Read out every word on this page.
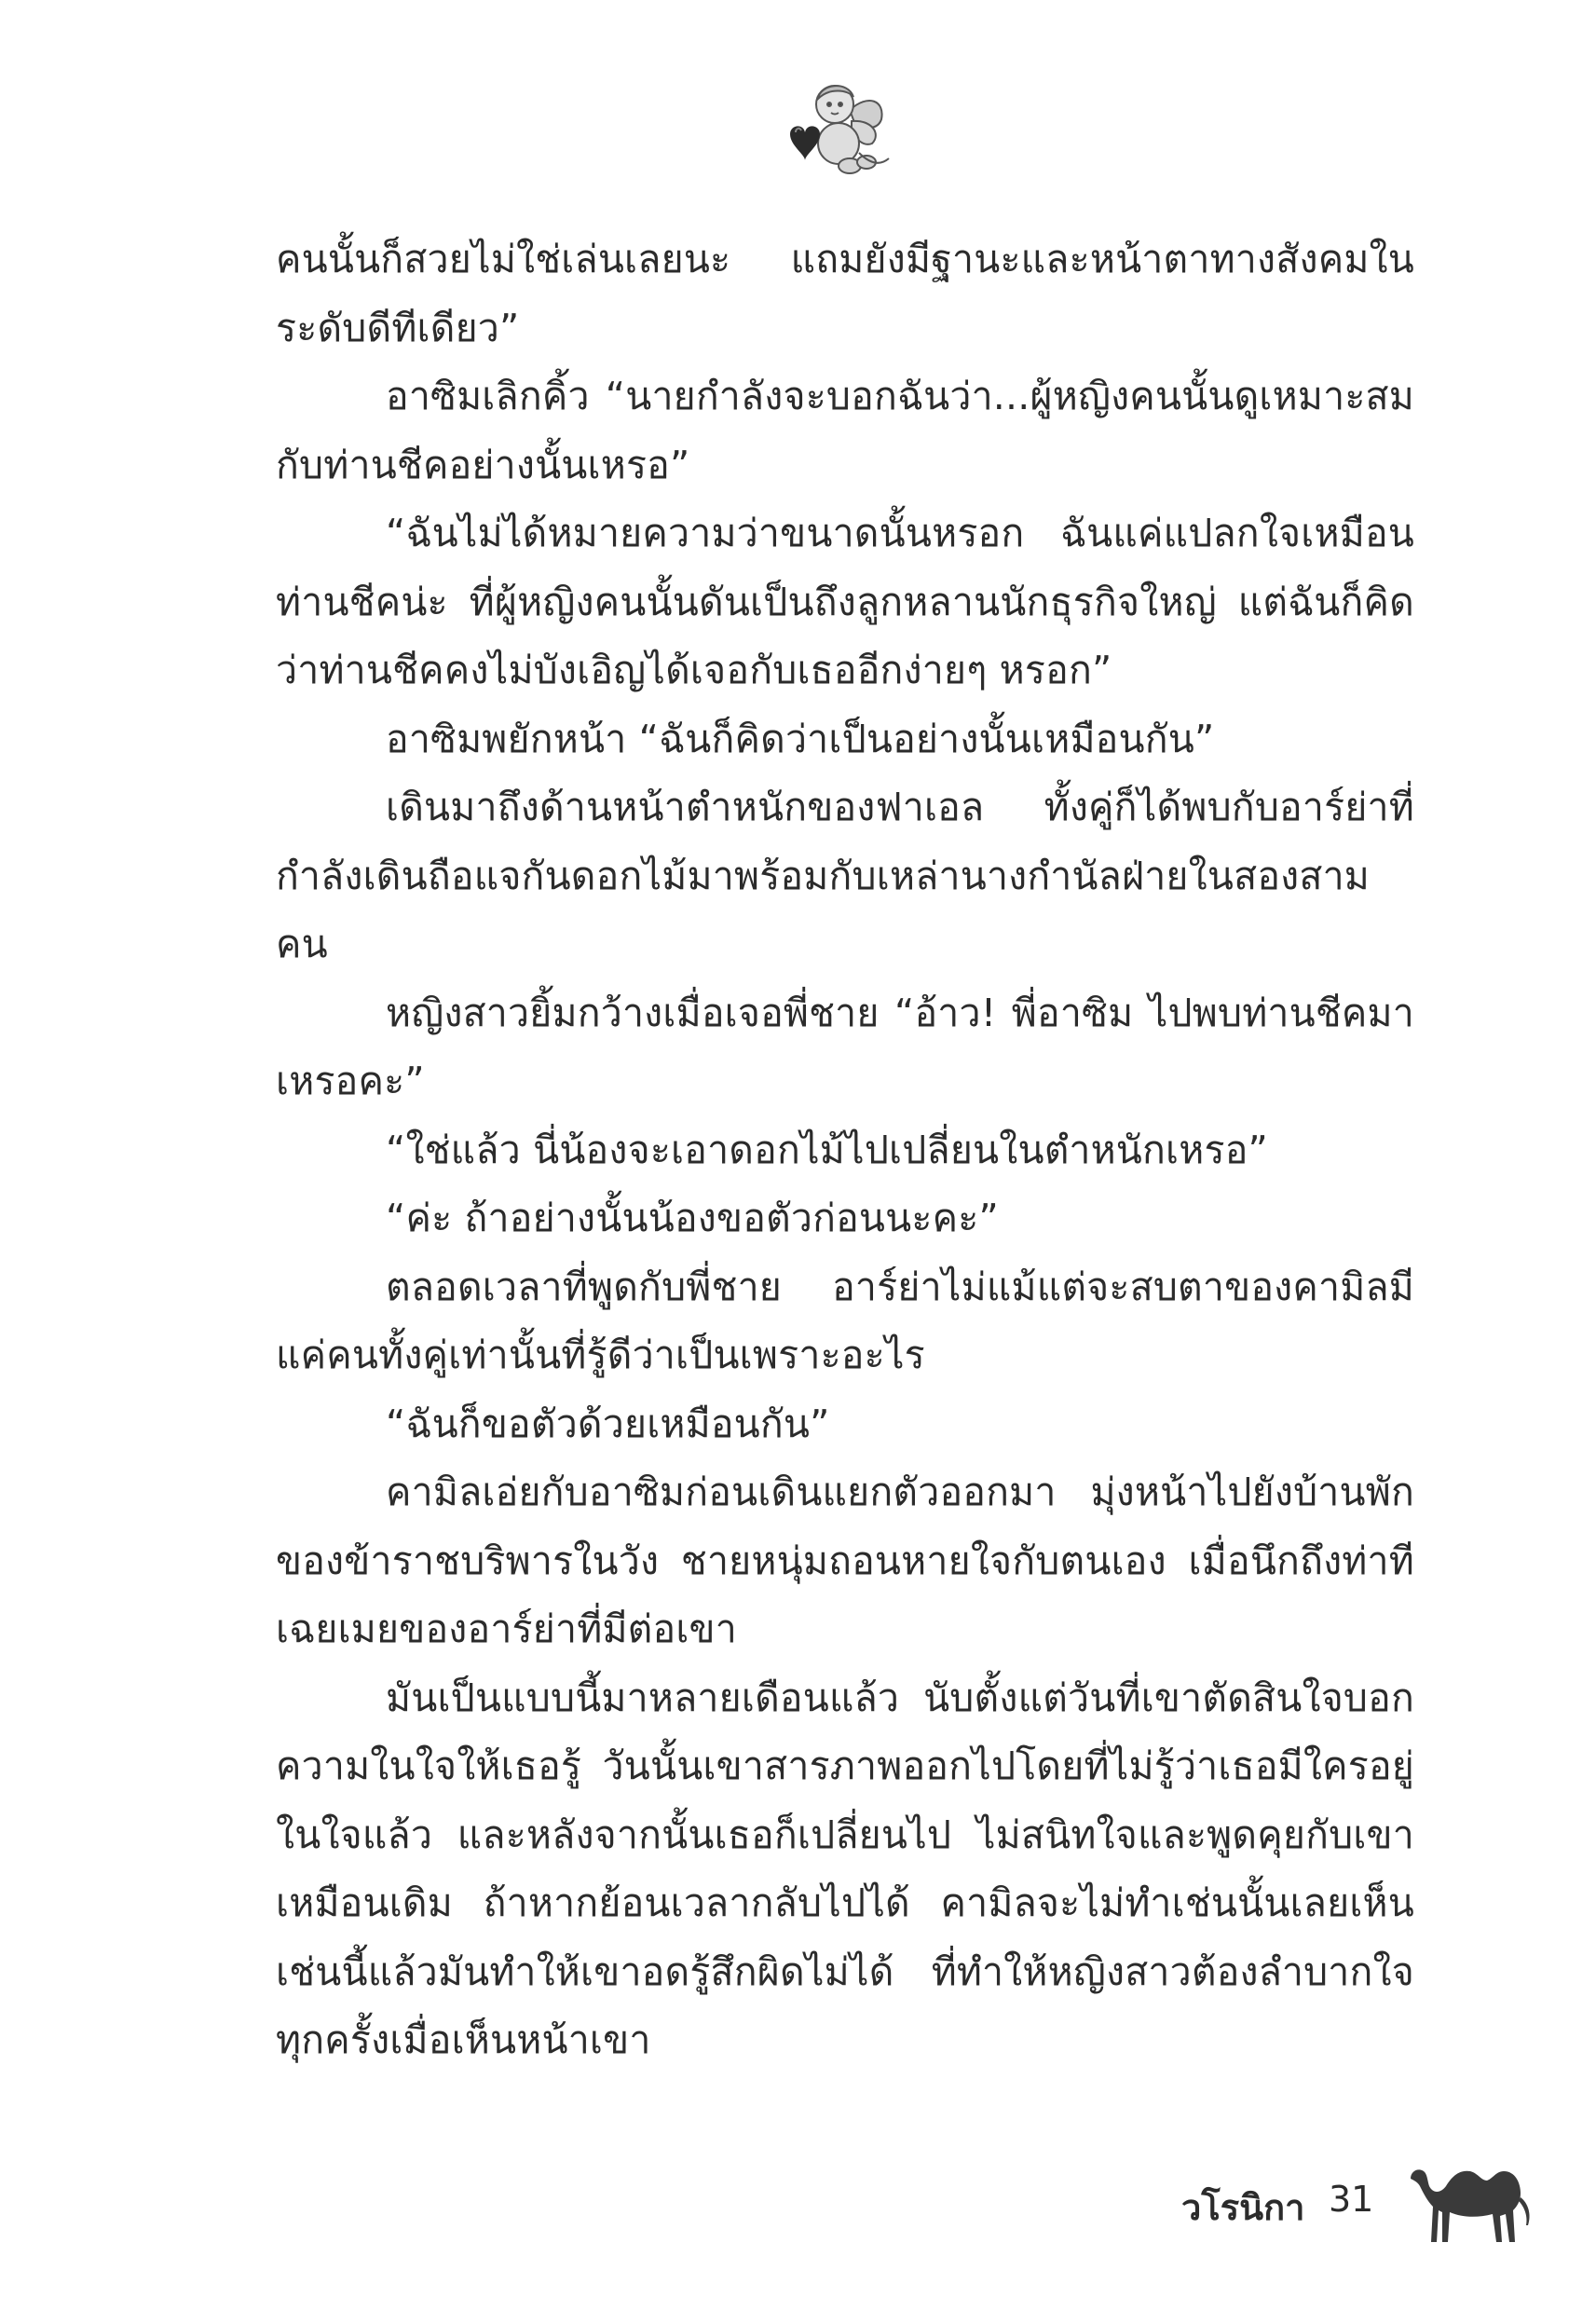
คนนั้นก็สวยไม่ใช่เล่นเลยนะ แถมยังมีฐานะและหน้าตาทางสังคมในระดับดีทีเดียว”

อาซิมเลิกคิ้ว “นายกำลังจะบอกฉันว่า...ผู้หญิงคนนั้นดูเหมาะสมกับท่านชีคอย่างนั้นเหรอ”

“ฉันไม่ได้หมายความว่าขนาดนั้นหรอก ฉันแค่แปลกใจเหมือนท่านชีคน่ะ ที่ผู้หญิงคนนั้นดันเป็นถึงลูกหลานนักธุรกิจใหญ่ แต่ฉันก็คิดว่าท่านชีคคงไม่บังเอิญได้เจอกับเธออีกง่ายๆ หรอก”

อาซิมพยักหน้า “ฉันก็คิดว่าเป็นอย่างนั้นเหมือนกัน”

เดินมาถึงด้านหน้าตำหนักของฟาเอล ทั้งคู่ก็ได้พบกับอาร์ย่าที่กำลังเดินถือแจกันดอกไม้มาพร้อมกับเหล่านางกำนัลฝ่ายในสองสามคน

หญิงสาวยิ้มกว้างเมื่อเจอพี่ชาย “อ้าว! พี่อาซิม ไปพบท่านชีคมาเหรอคะ”

“ใช่แล้ว นี่น้องจะเอาดอกไม้ไปเปลี่ยนในตำหนักเหรอ”

“ค่ะ ถ้าอย่างนั้นน้องขอตัวก่อนนะคะ”

ตลอดเวลาที่พูดกับพี่ชาย อาร์ย่าไม่แม้แต่จะสบตาของคามิลมีแค่คนทั้งคู่เท่านั้นที่รู้ดีว่าเป็นเพราะอะไร

“ฉันก็ขอตัวด้วยเหมือนกัน”

คามิลเอ่ยกับอาซิมก่อนเดินแยกตัวออกมา มุ่งหน้าไปยังบ้านพักของข้าราชบริพารในวัง ชายหนุ่มถอนหายใจกับตนเอง เมื่อนึกถึงท่าทีเฉยเมยของอาร์ย่าที่มีต่อเขา

มันเป็นแบบนี้มาหลายเดือนแล้ว นับตั้งแต่วันที่เขาตัดสินใจบอกความในใจให้เธอรู้ วันนั้นเขาสารภาพออกไปโดยที่ไม่รู้ว่าเธอมีใครอยู่ในใจแล้ว และหลังจากนั้นเธอก็เปลี่ยนไป ไม่สนิทใจและพูดคุยกับเขาเหมือนเดิม ถ้าหากย้อนเวลากลับไปได้ คามิลจะไม่ทำเช่นนั้นเลยเห็นเช่นนี้แล้วมันทำให้เขาอดรู้สึกผิดไม่ได้ ที่ทำให้หญิงสาวต้องลำบากใจทุกครั้งเมื่อเห็นหน้าเขา

วโรนิกา 31
